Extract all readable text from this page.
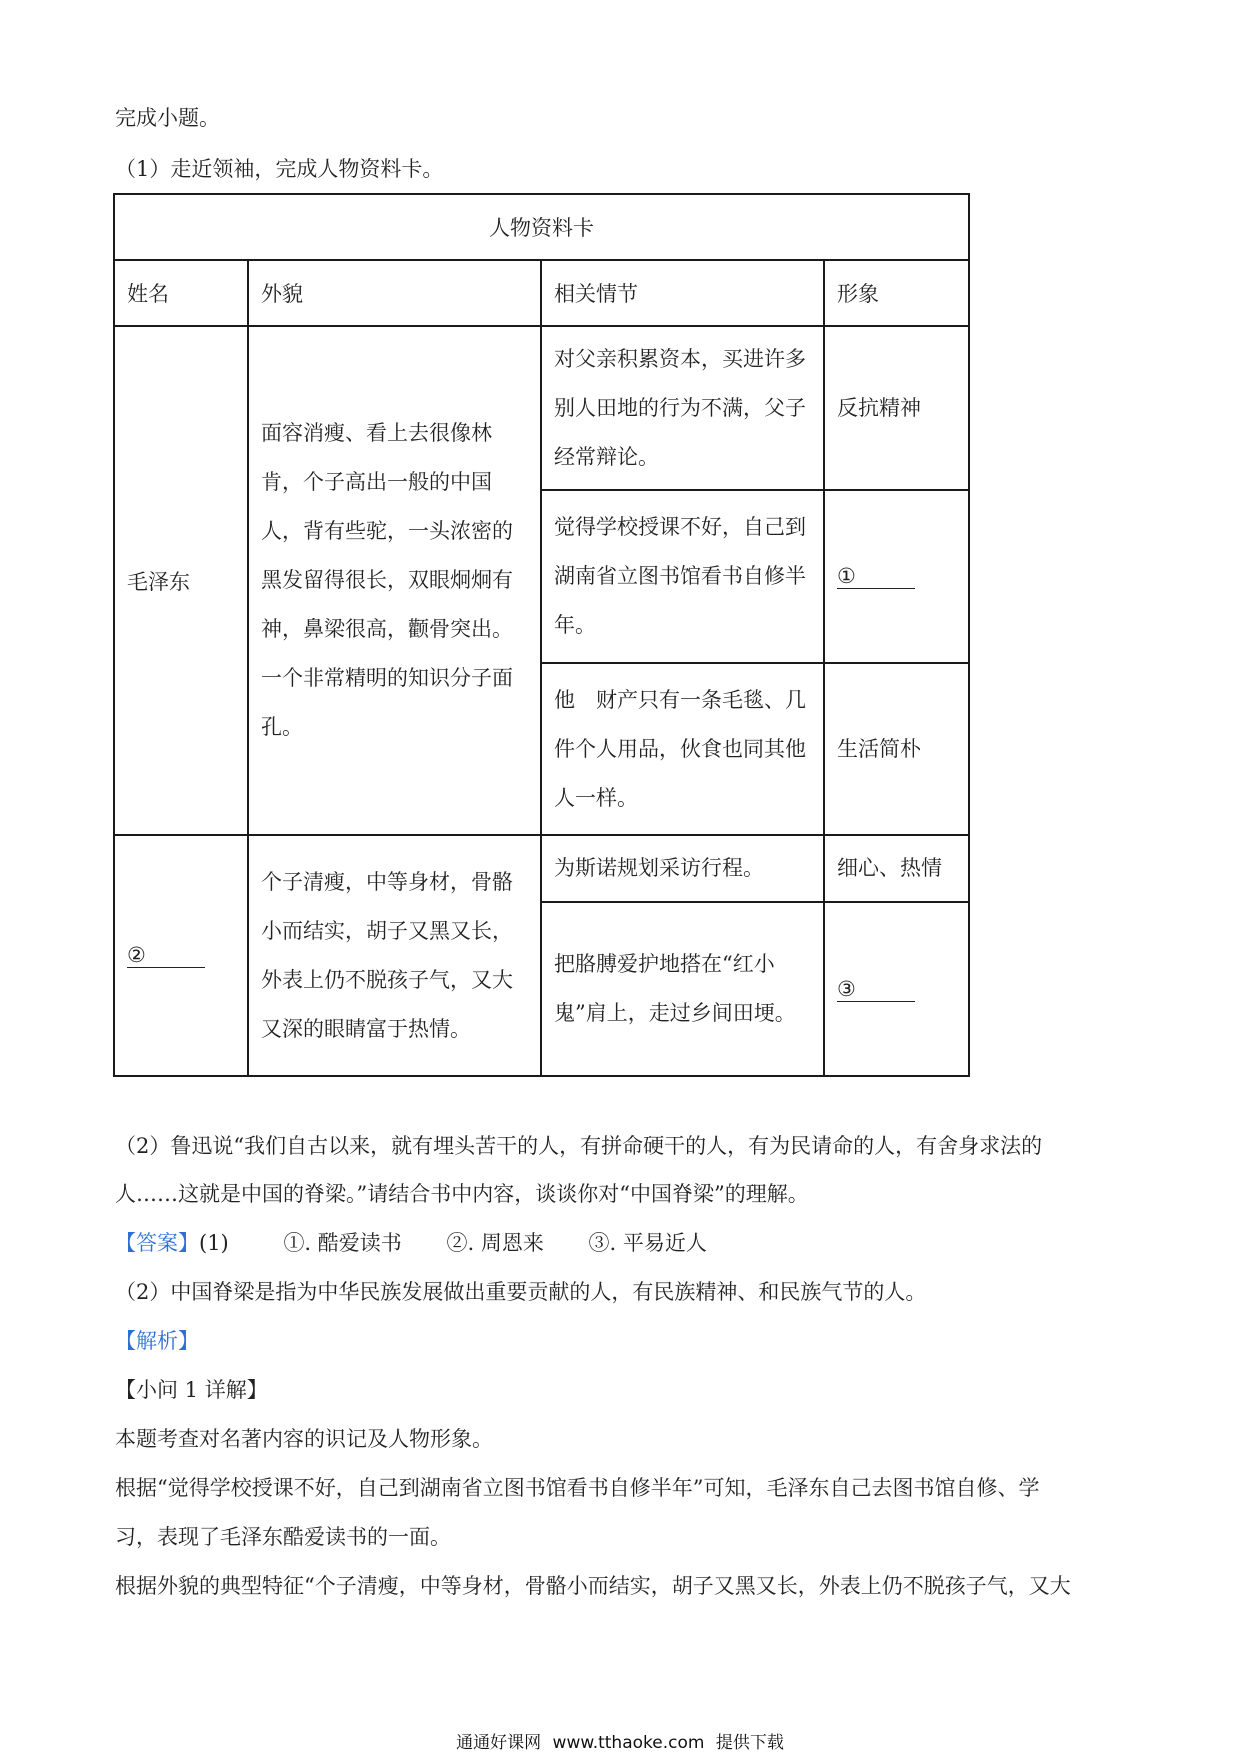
完成小题。
（1）走近领袖，完成人物资料卡。
人物资料卡			
姓名	外貌	相关情节	形象
毛泽东	面容消瘦、看上去很像林肯，个子高出一般的中国人，背有些驼，一头浓密的黑发留得很长，双眼炯炯有神，鼻梁很高，颧骨突出。一个非常精明的知识分子面孔。	对父亲积累资本，买进许多别人田地的行为不满，父子经常辩论。	反抗精神
		觉得学校授课不好，自己到湖南省立图书馆看书自修半年。	①
		他　财产只有一条毛毯、几件个人用品，伙食也同其他人一样。	生活简朴
②	个子清瘦，中等身材，骨骼小而结实，胡子又黑又长，外表上仍不脱孩子气，又大又深的眼睛富于热情。	为斯诺规划采访行程。	细心、热情
		把胳膊爱护地搭在“红小鬼”肩上，走过乡间田埂。	③
（2）鲁迅说“我们自古以来，就有埋头苦干的人，有拼命硬干的人，有为民请命的人，有舍身求法的
人……这就是中国的脊梁。”请结合书中内容，谈谈你对“中国脊梁”的理解。
【答案】(1)	①. 酷爱读书 ②. 周恩来 ③. 平易近人
（2）中国脊梁是指为中华民族发展做出重要贡献的人，有民族精神、和民族气节的人。
【解析】
【小问 1 详解】
本题考查对名著内容的识记及人物形象。
根据“觉得学校授课不好，自己到湖南省立图书馆看书自修半年”可知，毛泽东自己去图书馆自修、学
习，表现了毛泽东酷爱读书的一面。
根据外貌的典型特征“个子清瘦，中等身材，骨骼小而结实，胡子又黑又长，外表上仍不脱孩子气，又大
通通好课网 www.tthaoke.com 提供下载
